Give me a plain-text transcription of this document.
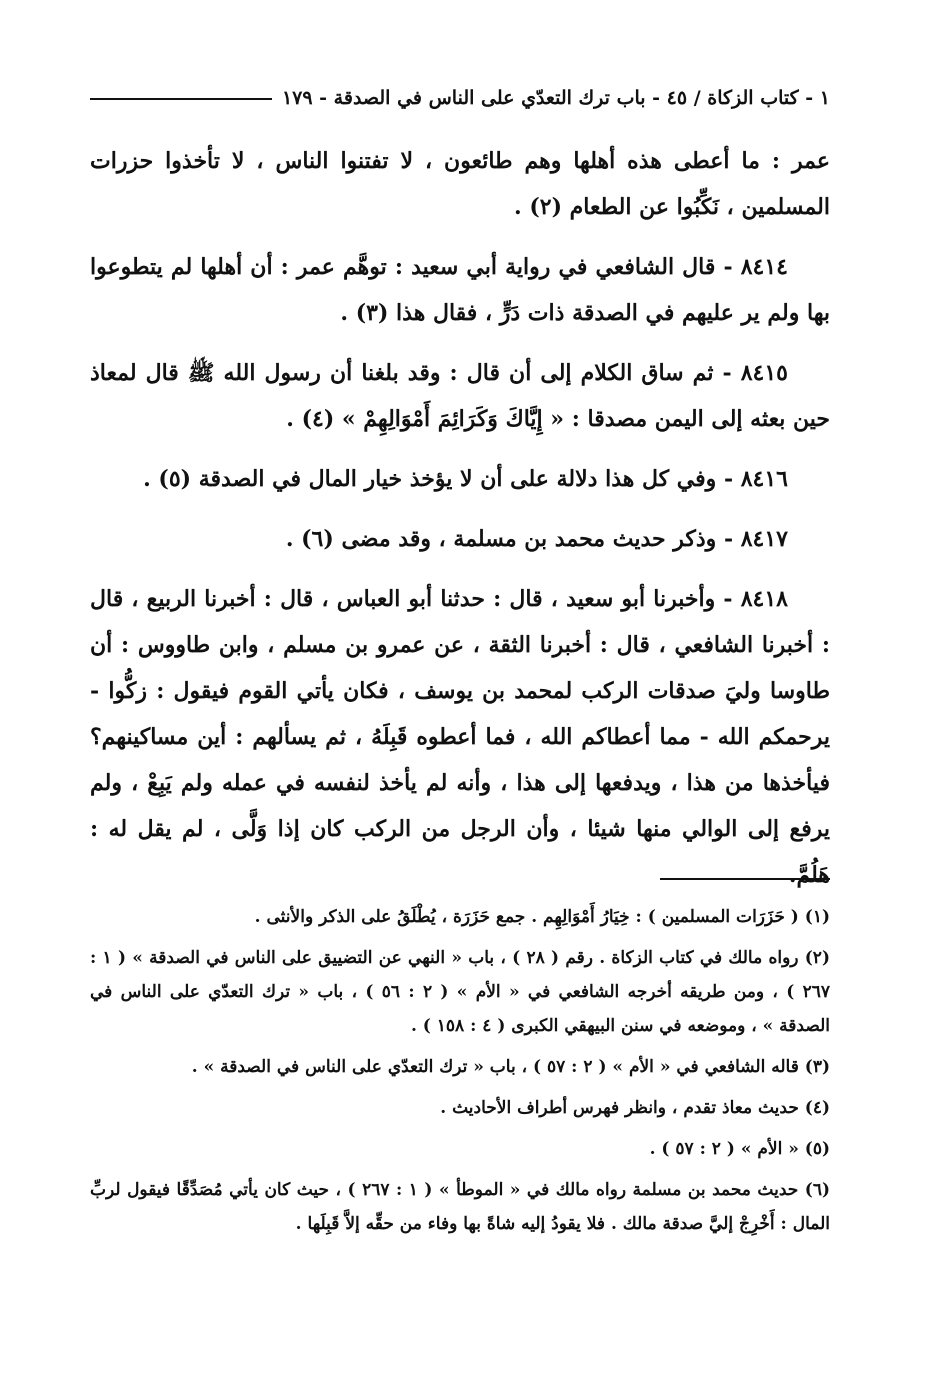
١ - كتاب الزكاة / ٤٥ - باب ترك التعدّي على الناس في الصدقة - ١٧٩

عمر : ما أعطى هذه أهلها وهم طائعون ، لا تفتنوا الناس ، لا تأخذوا حزرات المسلمين ، نَكِّبُوا عن الطعام (٢) .

٨٤١٤ - قال الشافعي في رواية أبي سعيد : توهَّم عمر : أن أهلها لم يتطوعوا بها ولم ير عليهم في الصدقة ذات دَرٍّ ، فقال هذا (٣) .

٨٤١٥ - ثم ساق الكلام إلى أن قال : وقد بلغنا أن رسول الله ﷺ قال لمعاذ حين بعثه إلى اليمن مصدقا : « إِيَّاكَ وَكَرَائِمَ أَمْوَالِهِمْ » (٤) .

٨٤١٦ - وفي كل هذا دلالة على أن لا يؤخذ خيار المال في الصدقة (٥) .

٨٤١٧ - وذكر حديث محمد بن مسلمة ، وقد مضى (٦) .

٨٤١٨ - وأخبرنا أبو سعيد ، قال : حدثنا أبو العباس ، قال : أخبرنا الربيع ، قال : أخبرنا الشافعي ، قال : أخبرنا الثقة ، عن عمرو بن مسلم ، وابن طاووس : أن طاوسا وليَ صدقات الركب لمحمد بن يوسف ، فكان يأتي القوم فيقول : زكُّوا - يرحمكم الله - مما أعطاكم الله ، فما أعطوه قَبِلَهُ ، ثم يسألهم : أين مساكينهم؟ فيأخذها من هذا ، ويدفعها إلى هذا ، وأنه لم يأخذ لنفسه في عمله ولم يَبِعْ ، ولم يرفع إلى الوالي منها شيئا ، وأن الرجل من الركب كان إذا وَلَّى ، لم يقل له : هَلُمَّ.

(١) ( حَزَرَات المسلمين ) : خِيَارُ أَمْوَالِهِم . جمع حَزَرَة ، يُطْلَقُ على الذكر والأنثى .

(٢) رواه مالك في كتاب الزكاة . رقم ( ٢٨ ) ، باب « النهي عن التضييق على الناس في الصدقة » ( ١ : ٢٦٧ ) ، ومن طريقه أخرجه الشافعي في « الأم » ( ٢ : ٥٦ ) ، باب « ترك التعدّي على الناس في الصدقة » ، وموضعه في سنن البيهقي الكبرى ( ٤ : ١٥٨ ) .

(٣) قاله الشافعي في « الأم » ( ٢ : ٥٧ ) ، باب « ترك التعدّي على الناس في الصدقة » .

(٤) حديث معاذ تقدم ، وانظر فهرس أطراف الأحاديث .

(٥) « الأم » ( ٢ : ٥٧ ) .

(٦) حديث محمد بن مسلمة رواه مالك في « الموطأ » ( ١ : ٢٦٧ ) ، حيث كان يأتي مُصَدِّقًا فيقول لربِّ المال : أَخْرِجْ إليَّ صدقة مالك . فلا يقودُ إليه شاةً بها وفاء من حقِّه إلاَّ قَبِلَها .
